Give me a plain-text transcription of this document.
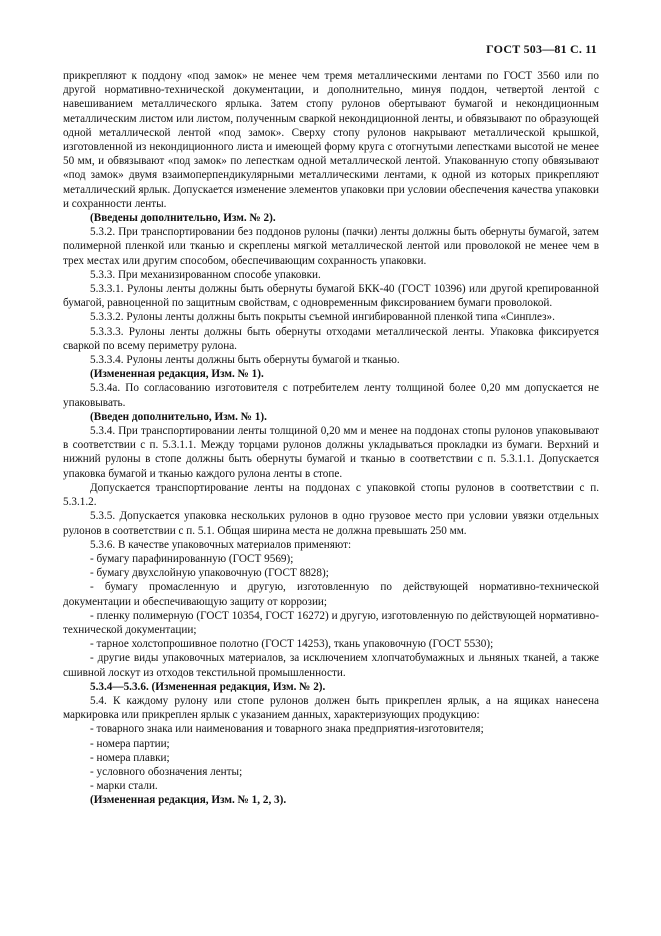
ГОСТ 503—81 С. 11

прикрепляют к поддону «под замок» не менее чем тремя металлическими лентами по ГОСТ 3560 или по другой нормативно-технической документации, и дополнительно, минуя поддон, четвертой лентой с навешиванием металлического ярлыка. Затем стопу рулонов обертывают бумагой и некондиционным металлическим листом или листом, полученным сваркой некондиционной ленты, и обвязывают по образующей одной металлической лентой «под замок». Сверху стопу рулонов накрывают металлической крышкой, изготовленной из некондиционного листа и имеющей форму круга с отогнутыми лепестками высотой не менее 50 мм, и обвязывают «под замок» по лепесткам одной металлической лентой. Упакованную стопу обвязывают «под замок» двумя взаимоперпендикулярными металлическими лентами, к одной из которых прикрепляют металлический ярлык. Допускается изменение элементов упаковки при условии обеспечения качества упаковки и сохранности ленты.

(Введены дополнительно, Изм. № 2).

5.3.2. При транспортировании без поддонов рулоны (пачки) ленты должны быть обернуты бумагой, затем полимерной пленкой или тканью и скреплены мягкой металлической лентой или проволокой не менее чем в трех местах или другим способом, обеспечивающим сохранность упаковки.

5.3.3. При механизированном способе упаковки.

5.3.3.1. Рулоны ленты должны быть обернуты бумагой БКК-40 (ГОСТ 10396) или другой крепированной бумагой, равноценной по защитным свойствам, с одновременным фиксированием бумаги проволокой.

5.3.3.2. Рулоны ленты должны быть покрыты съемной ингибированной пленкой типа «Синплез».

5.3.3.3. Рулоны ленты должны быть обернуты отходами металлической ленты. Упаковка фиксируется сваркой по всему периметру рулона.

5.3.3.4. Рулоны ленты должны быть обернуты бумагой и тканью.

(Измененная редакция, Изм. № 1).

5.3.4а. По согласованию изготовителя с потребителем ленту толщиной более 0,20 мм допускается не упаковывать.

(Введен дополнительно, Изм. № 1).

5.3.4. При транспортировании ленты толщиной 0,20 мм и менее на поддонах стопы рулонов упаковывают в соответствии с п. 5.3.1.1. Между торцами рулонов должны укладываться прокладки из бумаги. Верхний и нижний рулоны в стопе должны быть обернуты бумагой и тканью в соответствии с п. 5.3.1.1. Допускается упаковка бумагой и тканью каждого рулона ленты в стопе.

Допускается транспортирование ленты на поддонах с упаковкой стопы рулонов в соответствии с п. 5.3.1.2.

5.3.5. Допускается упаковка нескольких рулонов в одно грузовое место при условии увязки отдельных рулонов в соответствии с п. 5.1. Общая ширина места не должна превышать 250 мм.

5.3.6. В качестве упаковочных материалов применяют:

- бумагу парафинированную (ГОСТ 9569);

- бумагу двухслойную упаковочную (ГОСТ 8828);

- бумагу промасленную и другую, изготовленную по действующей нормативно-технической документации и обеспечивающую защиту от коррозии;

- пленку полимерную (ГОСТ 10354, ГОСТ 16272) и другую, изготовленную по действующей нормативно-технической документации;

- тарное холстопрошивное полотно (ГОСТ 14253), ткань упаковочную (ГОСТ 5530);

- другие виды упаковочных материалов, за исключением хлопчатобумажных и льняных тканей, а также сшивной лоскут из отходов текстильной промышленности.

5.3.4—5.3.6. (Измененная редакция, Изм. № 2).

5.4. К каждому рулону или стопе рулонов должен быть прикреплен ярлык, а на ящиках нанесена маркировка или прикреплен ярлык с указанием данных, характеризующих продукцию:

- товарного знака или наименования и товарного знака предприятия-изготовителя;

- номера партии;

- номера плавки;

- условного обозначения ленты;

- марки стали.

(Измененная редакция, Изм. № 1, 2, 3).
